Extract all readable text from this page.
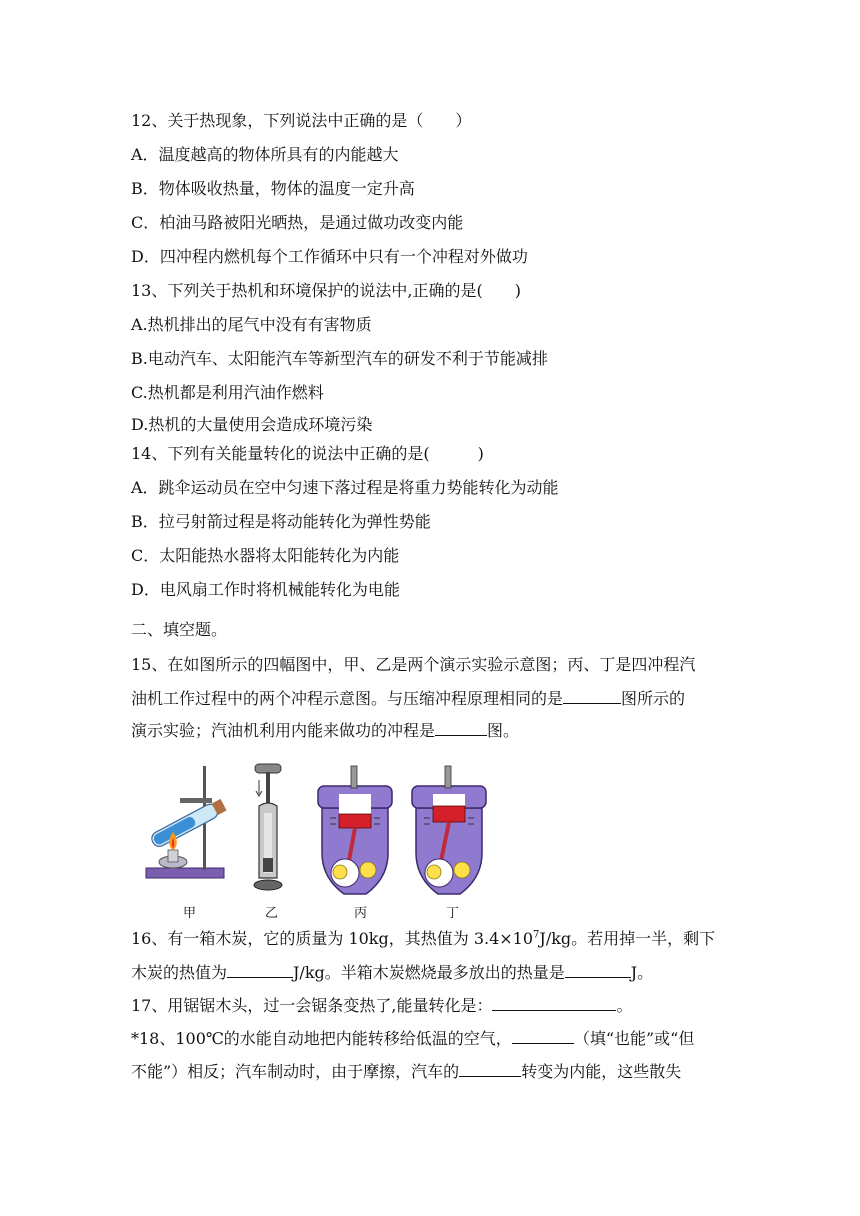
12、关于热现象，下列说法中正确的是（　　）
A．温度越高的物体所具有的内能越大
B．物体吸收热量，物体的温度一定升高
C．柏油马路被阳光晒热，是通过做功改变内能
D．四冲程内燃机每个工作循环中只有一个冲程对外做功
13、下列关于热机和环境保护的说法中,正确的是(　　)
A.热机排出的尾气中没有有害物质
B.电动汽车、太阳能汽车等新型汽车的研发不利于节能减排
C.热机都是利用汽油作燃料
D.热机的大量使用会造成环境污染
14、下列有关能量转化的说法中正确的是(　　　)
A．跳伞运动员在空中匀速下落过程是将重力势能转化为动能
B．拉弓射箭过程是将动能转化为弹性势能
C．太阳能热水器将太阳能转化为内能
D．电风扇工作时将机械能转化为电能
二、填空题。
15、在如图所示的四幅图中，甲、乙是两个演示实验示意图；丙、丁是四冲程汽
油机工作过程中的两个冲程示意图。与压缩冲程原理相同的是	图所示的
演示实验；汽油机利用内能来做功的冲程是	图。
甲	乙	丙	丁
16、有一箱木炭，它的质量为 10kg，其热值为 $3.4\times 10^7J/kg$。若用掉一半，剩下
木炭的热值为	J/kg。半箱木炭燃烧最多放出的热量是	J。
17、用锯锯木头，过一会锯条变热了,能量转化是：	。
*18、100℃的水能自动地把内能转移给低温的空气，	（填“也能”或“但
不能”）相反；汽车制动时，由于摩擦，汽车的	转变为内能，这些散失
